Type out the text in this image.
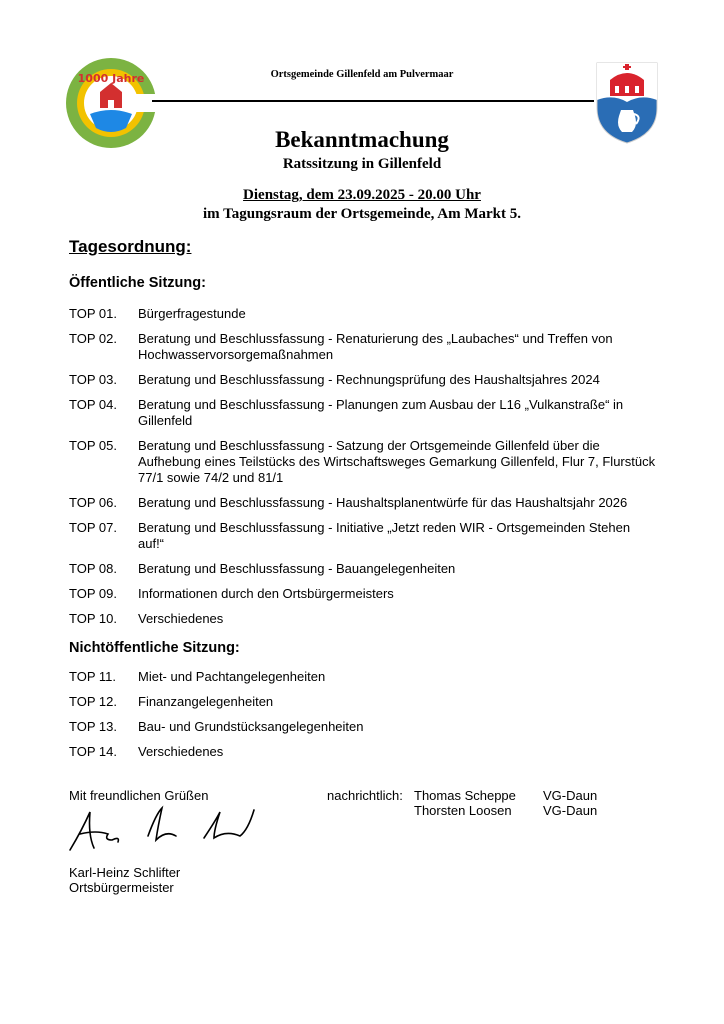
1000 Jahre	Ortsgemeinde Gillenfeld am Pulvermaar
Bekanntmachung
Ratssitzung in Gillenfeld
Dienstag, dem 23.09.2025 - 20.00 Uhr
im Tagungsraum der Ortsgemeinde, Am Markt 5.
Tagesordnung:
Öffentliche Sitzung:
TOP 01.	Bürgerfragestunde
TOP 02.	Beratung und Beschlussfassung - Renaturierung des „Laubaches“ und Treffen von Hochwasservorsorgemaßnahmen
TOP 03.	Beratung und Beschlussfassung - Rechnungsprüfung des Haushaltsjahres 2024
TOP 04.	Beratung und Beschlussfassung - Planungen zum Ausbau der L16 „Vulkanstraße“ in Gillenfeld
TOP 05.	Beratung und Beschlussfassung - Satzung der Ortsgemeinde Gillenfeld über die Aufhebung eines Teilstücks des Wirtschaftsweges Gemarkung Gillenfeld, Flur 7, Flurstück 77/1 sowie 74/2 und 81/1
TOP 06.	Beratung und Beschlussfassung - Haushaltsplanentwürfe für das Haushaltsjahr 2026
TOP 07.	Beratung und Beschlussfassung - Initiative „Jetzt reden WIR - Ortsgemeinden Stehen auf!“
TOP 08.	Beratung und Beschlussfassung - Bauangelegenheiten
TOP 09.	Informationen durch den Ortsbürgermeisters
TOP 10.	Verschiedenes
Nichtöffentliche Sitzung:
TOP 11.	Miet- und Pachtangelegenheiten
TOP 12.	Finanzangelegenheiten
TOP 13.	Bau- und Grundstücksangelegenheiten
TOP 14.	Verschiedenes
Mit freundlichen Grüßen	nachrichtlich: Thomas Scheppe VG-Daun
Thorsten Loosen VG-Daun
Karl-Heinz Schlifter
Ortsbürgermeister
